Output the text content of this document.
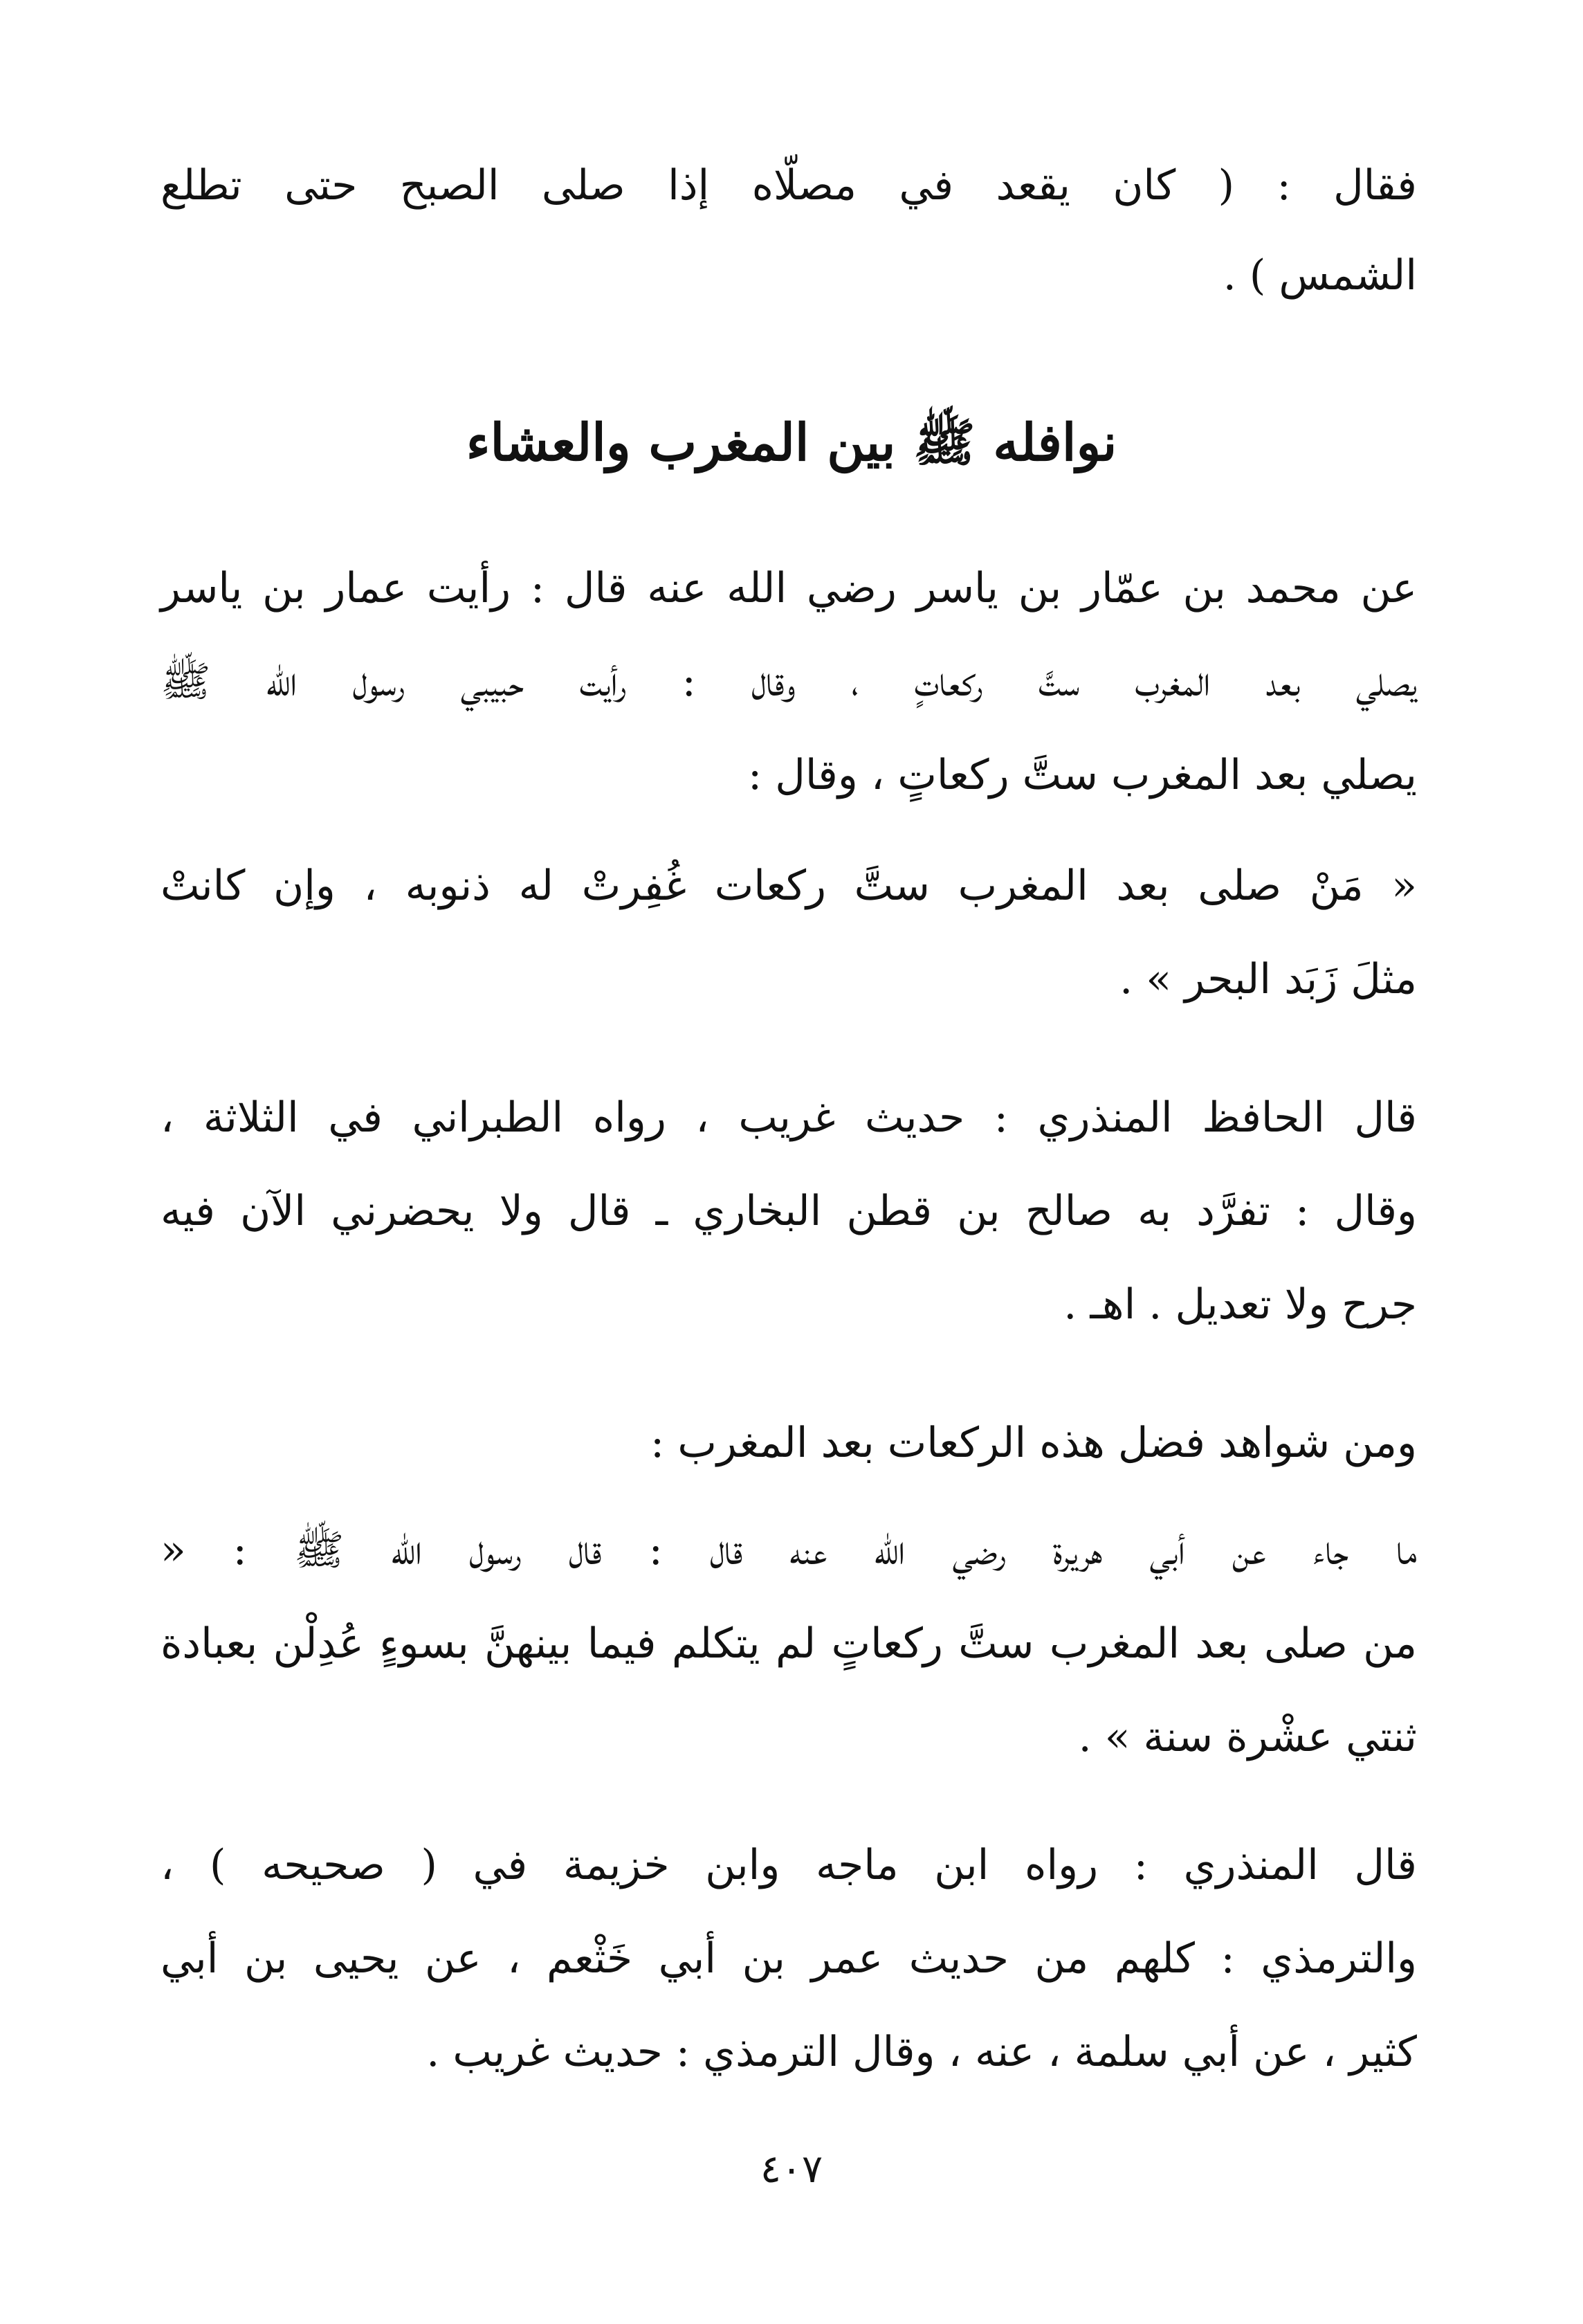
فقال : ( كان يقعد في مصلّاه إذا صلى الصبح حتى تطلع
الشمس ) .
نوافله ﷺ بين المغرب والعشاء
عن محمد بن عمّار بن ياسر رضي الله عنه قال : رأيت عمار بن ياسر
يصلي بعد المغرب ستَّ ركعاتٍ ، وقال : رأيت حبيبي رسول الله ﷺ
يصلي بعد المغرب ستَّ ركعاتٍ ، وقال :
« مَنْ صلى بعد المغرب ستَّ ركعات غُفِرتْ له ذنوبه ، وإن كانتْ
مثلَ زَبَد البحر » .
قال الحافظ المنذري : حديث غريب ، رواه الطبراني في الثلاثة ،
وقال : تفرَّد به صالح بن قطن البخاري ـ قال ولا يحضرني الآن فيه
جرح ولا تعديل . اهـ .
ومن شواهد فضل هذه الركعات بعد المغرب :
ما جاء عن أبي هريرة رضي الله عنه قال : قال رسول الله ﷺ : «
من صلى بعد المغرب ستَّ ركعاتٍ لم يتكلم فيما بينهنَّ بسوءٍ عُدِلْن بعبادة
ثنتي عشْرة سنة » .
قال المنذري : رواه ابن ماجه وابن خزيمة في ( صحيحه ) ،
والترمذي : كلهم من حديث عمر بن أبي خَثْعم ، عن يحيى بن أبي
كثير ، عن أبي سلمة ، عنه ، وقال الترمذي : حديث غريب .
٤٠٧
